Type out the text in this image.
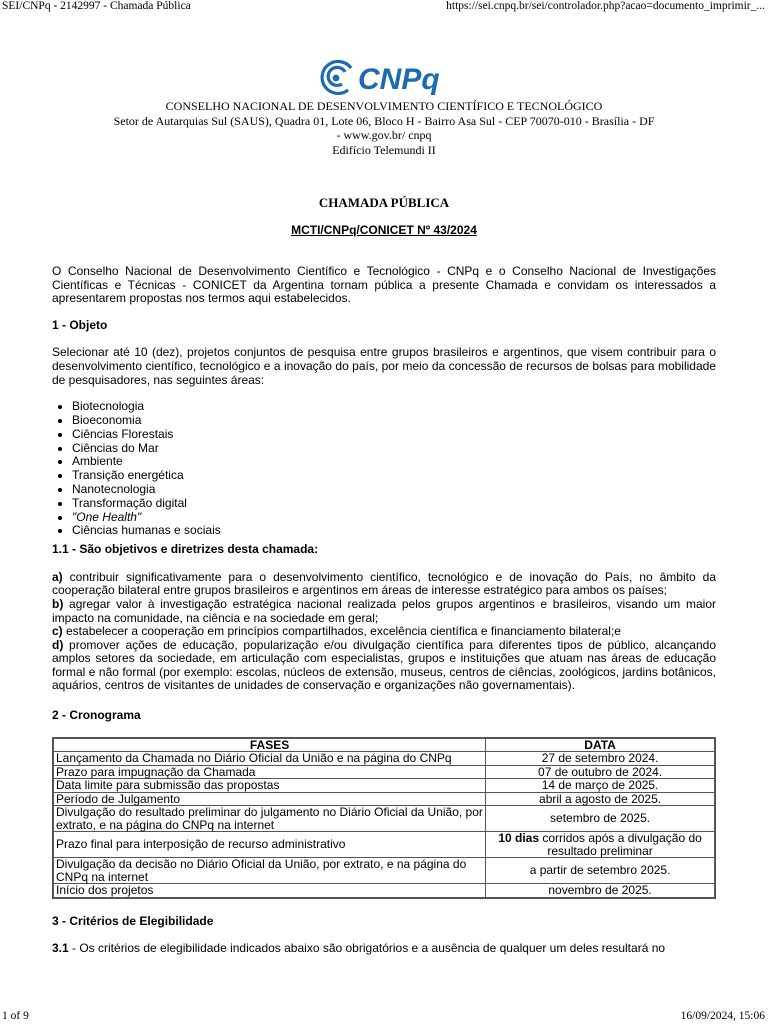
SEI/CNPq - 2142997 - Chamada Pública	https://sei.cnpq.br/sei/controlador.php?acao=documento_imprimir_...
CNPq
CONSELHO NACIONAL DE DESENVOLVIMENTO CIENTÍFICO E TECNOLÓGICO
Setor de Autarquias Sul (SAUS), Quadra 01, Lote 06, Bloco H - Bairro Asa Sul - CEP 70070-010 - Brasília - DF - www.gov.br/ cnpq
Edifício Telemundi II
CHAMADA PÚBLICA
MCTI/CNPq/CONICET Nº 43/2024

O Conselho Nacional de Desenvolvimento Científico e Tecnológico - CNPq e o Conselho Nacional de Investigações Científicas e Técnicas - CONICET da Argentina tornam pública a presente Chamada e convidam os interessados a apresentarem propostas nos termos aqui estabelecidos.

1 - Objeto

Selecionar até 10 (dez), projetos conjuntos de pesquisa entre grupos brasileiros e argentinos, que visem contribuir para o desenvolvimento científico, tecnológico e a inovação do país, por meio da concessão de recursos de bolsas para mobilidade de pesquisadores, nas seguintes áreas:

• Biotecnologia
• Bioeconomia
• Ciências Florestais
• Ciências do Mar
• Ambiente
• Transição energética
• Nanotecnologia
• Transformação digital
• "One Health"
• Ciências humanas e sociais
1.1 - São objetivos e diretrizes desta chamada:

a) contribuir significativamente para o desenvolvimento científico, tecnológico e de inovação do País, no âmbito da cooperação bilateral entre grupos brasileiros e argentinos em áreas de interesse estratégico para ambos os países;

b) agregar valor à investigação estratégica nacional realizada pelos grupos argentinos e brasileiros, visando um maior impacto na comunidade, na ciência e na sociedade em geral;

c) estabelecer a cooperação em princípios compartilhados, excelência científica e financiamento bilateral;e

d) promover ações de educação, popularização e/ou divulgação científica para diferentes tipos de público, alcançando amplos setores da sociedade, em articulação com especialistas, grupos e instituições que atuam nas áreas de educação formal e não formal (por exemplo: escolas, núcleos de extensão, museus, centros de ciências, zoológicos, jardins botânicos, aquários, centros de visitantes de unidades de conservação e organizações não governamentais).

2 - Cronograma
FASES	DATA
Lançamento da Chamada no Diário Oficial da União e na página do CNPq	27 de setembro 2024.
Prazo para impugnação da Chamada	07 de outubro de 2024.
Data limite para submissão das propostas	14 de março de 2025.
Período de Julgamento	abril a agosto de 2025.
Divulgação do resultado preliminar do julgamento no Diário Oficial da União, por extrato, e na página do CNPq na internet	setembro de 2025.
Prazo final para interposição de recurso administrativo	10 dias corridos após a divulgação do resultado preliminar
Divulgação da decisão no Diário Oficial da União, por extrato, e na página do CNPq na internet	a partir de setembro 2025.
Início dos projetos	novembro de 2025.
3 - Critérios de Elegibilidade

3.1 - Os critérios de elegibilidade indicados abaixo são obrigatórios e a ausência de qualquer um deles resultará no

1 of 9	16/09/2024, 15:06
